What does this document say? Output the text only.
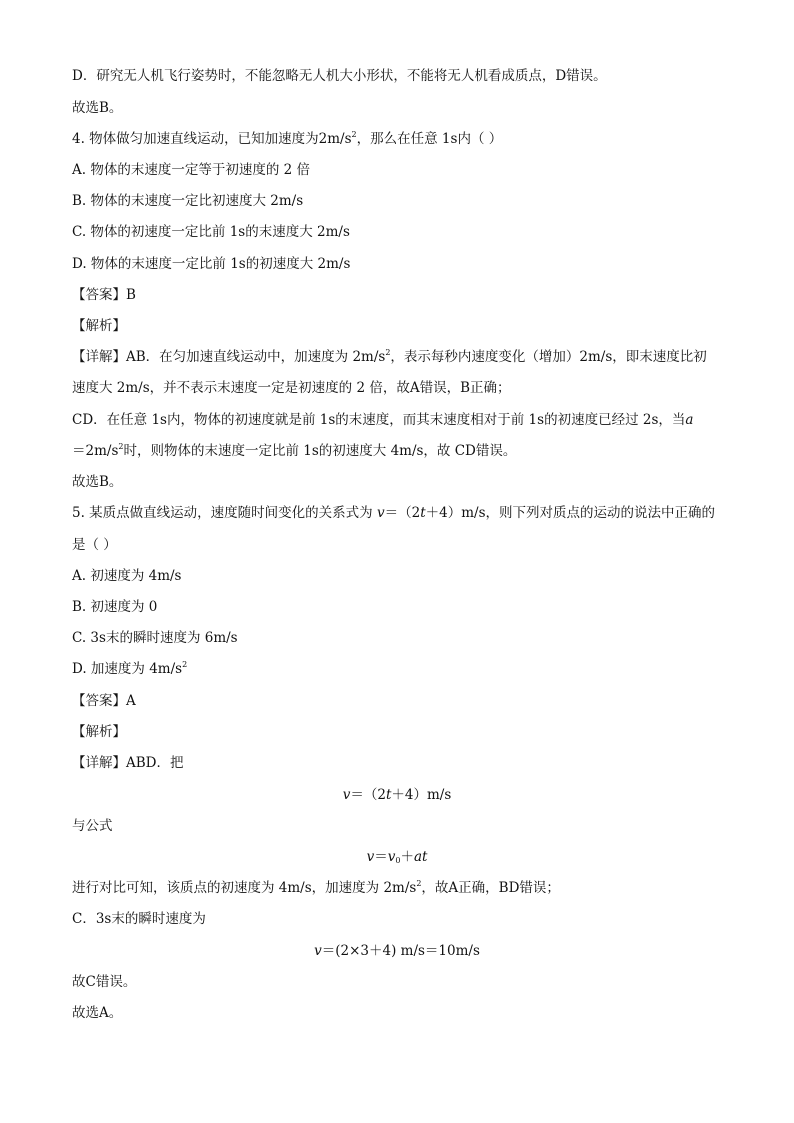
D．研究无人机飞行姿势时，不能忽略无人机大小形状，不能将无人机看成质点，D错误。
故选B。
4. 物体做匀加速直线运动，已知加速度为$2m/s^2$，那么在任意 1s内（ ）
A. 物体的末速度一定等于初速度的 2 倍
B. 物体的末速度一定比初速度大 2m/s
C. 物体的初速度一定比前 1s的末速度大 2m/s
D. 物体的末速度一定比前 1s的初速度大 2m/s
【答案】B
【解析】
【详解】AB．在匀加速直线运动中，加速度为 $2m/s^2$，表示每秒内速度变化（增加）2m/s，即末速度比初
速度大 2m/s，并不表示末速度一定是初速度的 2 倍，故A错误，B正确；
CD．在任意 1s内，物体的初速度就是前 1s的末速度，而其末速度相对于前 1s的初速度已经过 2s，当a
$=2m/s^2$时，则物体的末速度一定比前 1s的初速度大 4m/s，故 CD错误。
故选B。
5. 某质点做直线运动，速度随时间变化的关系式为 v＝（2t＋4）m/s，则下列对质点的运动的说法中正确的
是（ ）
A. 初速度为 4m/s
B. 初速度为 0
C. 3s末的瞬时速度为 6m/s
D. 加速度为 $4m/s^2$
【答案】A
【解析】
【详解】ABD．把
v＝（2t＋4）m/s
与公式
$v=v_0+at$
进行对比可知，该质点的初速度为 4m/s，加速度为 $2m/s^2$，故A正确，BD错误；
C．3s末的瞬时速度为
v＝(2×3＋4) m/s＝10m/s
故C错误。
故选A。
